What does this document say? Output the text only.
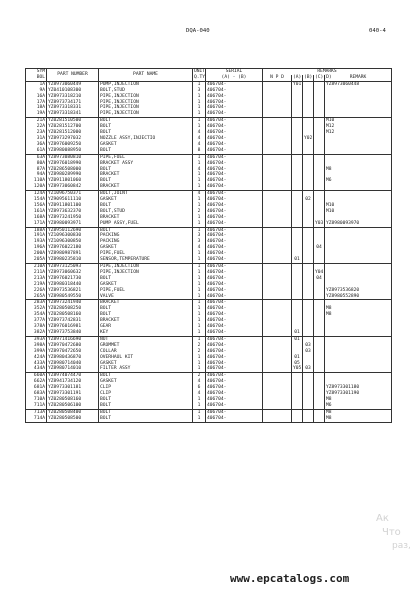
DQA-040	040-4
SYM
BOL	PART NUMBER	PART NAME	UNIT
Q.TY	SERIAL
(A) - (B)	REMARKS				
					N P D	(A)	(B)	(C)(D)	REMARK
1A	YZ8973060449	PUMP,INJECTION	1	406704-		Y01			YZ8973060448
9A	YZ0410108300	BOLT,STUD	3	406704-					
16A	YZ8973318210	PIPE,INJECTION	1	406704-					
17A	YZ8973734171	PIPE,INJECTION	1	406704-					
18A	YZ8973318331	PIPE,INJECTION	1	406704-					
19A	YZ8973318341	PIPE,INJECTION	1	406704-					
21A	YZ0281510500	BOLT	1	406704-					M10
22A	YZ0281512700	BOLT	1	406704-					M12
23A	YZ0281512000	BOLT	4	406704-					M12
31A	YZ8973297032	NOZZLE ASSY,INJECTIO	4	406704-			Y02		
36A	YZ8976009250	GASKET	4	406704-					
61A	YZ8980088950	BOLT	8	406704-					
63A	YZ8973080810	PIPE,FUEL	1	406704-					
80A	YZ8976018990	BRACKET ASSY	1	406704-					
87A	YZ0286508000	BOLT	4	406704-					M8
94A	YZ8980289990	BRACKET	1	406704-					
110A	YZ0911801060	BOLT	1	406704-					M6
120A	YZ8973060842	BRACKET	1	406704-					
124A	YZ1096750371	BOLT,JOINT	4	406704-					
154A	YZ9095611110	GASKET	1	406704-			02		
156A	YZ0911801100	BOLT	1	406704-					M10
161A	YZ8973632370	BOLT,STUD	2	406704-					M10
168A	YZ8973241950	BRACKET	1	406704-					
171A	YZ8980093971	PUMP ASSY,FUEL	1	406704-				Y03	YZ8980093970
188A	YZ8950112690	BOLT	1	406704-					
191A	YZ1096300830	PACKING	3	406704-					
193A	YZ1096300850	PACKING	3	406704-					
196A	YZ8976022180	GASKET	4	406704-				04	
200A	YZ8980987891	PIPE,FUEL	1	406704-					
205A	YZ8980235810	SENSOR,TEMPERATURE	1	406704-		01			
210A	YZ8973125093	PIPE,INJECTION	1	406704-					
211A	YZ8973060632	PIPE,INJECTION	1	406704-				Y04	
213A	YZ8976021730	BOLT	1	406704-				04	
219A	YZ8980318440	GASKET	1	406704-					
226A	YZ8973536821	PIPE,FUEL	1	406704-					YZ8973536820
265A	YZ8980549550	VALVE	1	406704-					YZ8980552890
283A	YZ8973241940	BRACKET	1	406704-					
352A	YZ0280508250	BOLT	1	406704-					M8
354A	YZ0280508160	BOLT	1	406704-					M8
377A	YZ8973742831	BRACKET	1	406704-					
378A	YZ8976016981	GEAR	1	406704-					
382A	YZ8973753840	KEY	1	406704-		01			
393A	YZ8971416690	NUT	1	406704-		01			
398A	YZ8970472680	GROMMET	2	406704-			03		
399A	YZ8970472650	COLLAR	2	406704-			03		
424A	YZ8980436870	OVERHAUL KIT	1	406704-		01			
433A	YZ8980714040	GASKET	1	406704-		05			
434A	YZ8980714010	FILTER ASSY	1	406704-		Y05	03		
660A	YZ8974074470	BOLT	2	406704-					
662A	YZ8941734120	GASKET	4	406704-					
681A	YZ8973301181	CLIP	6	406704-					YZ8973301180
683A	YZ8973301191	CLIP	4	406704-					YZ8973301190
710A	YZ0280508160	BOLT	1	406704-					M8
711A	YZ0280506100	BOLT	1	406704-					M6
713A	YZ0280508400	BOLT	1	406704-					M8
714A	YZ0280508500	BOLT	1	406704-					M8
Ак
Что
раз,
www.epcatalogs.com
